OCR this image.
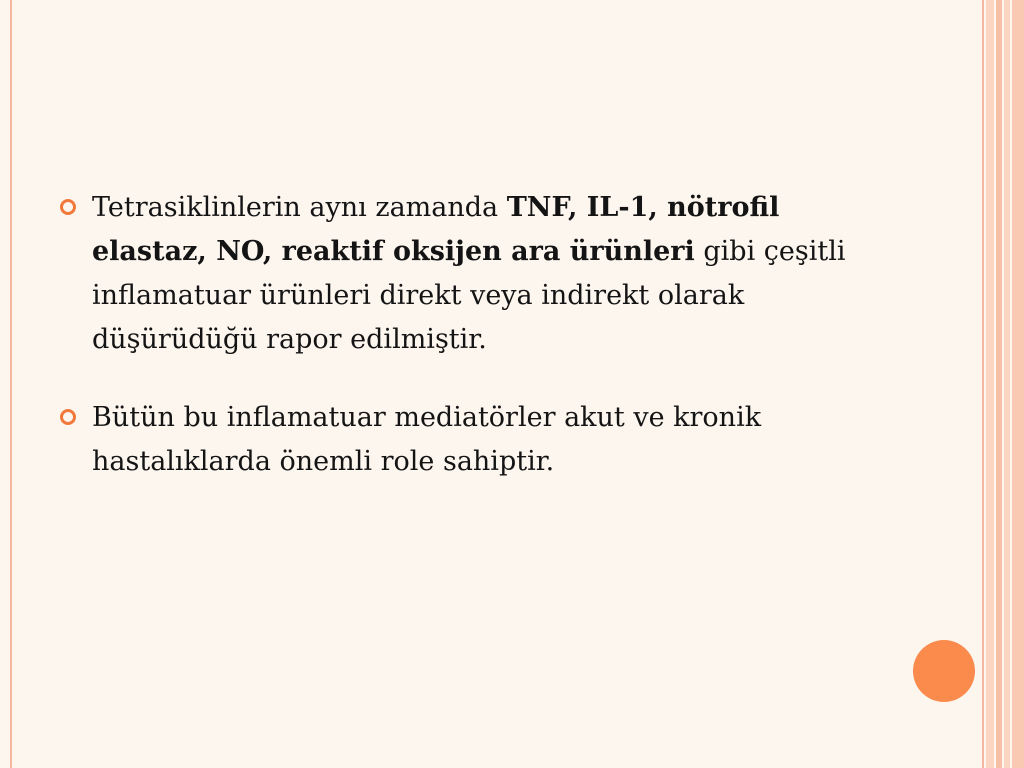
Tetrasiklinlerin aynı zamanda TNF, IL-1, nötrofil elastaz, NO, reaktif oksijen ara ürünleri gibi çeşitli inflamatuar ürünleri direkt veya indirekt olarak düşürüdüğü rapor edilmiştir.
Bütün bu inflamatuar mediatörler akut ve kronik hastalıklarda önemli role sahiptir.
